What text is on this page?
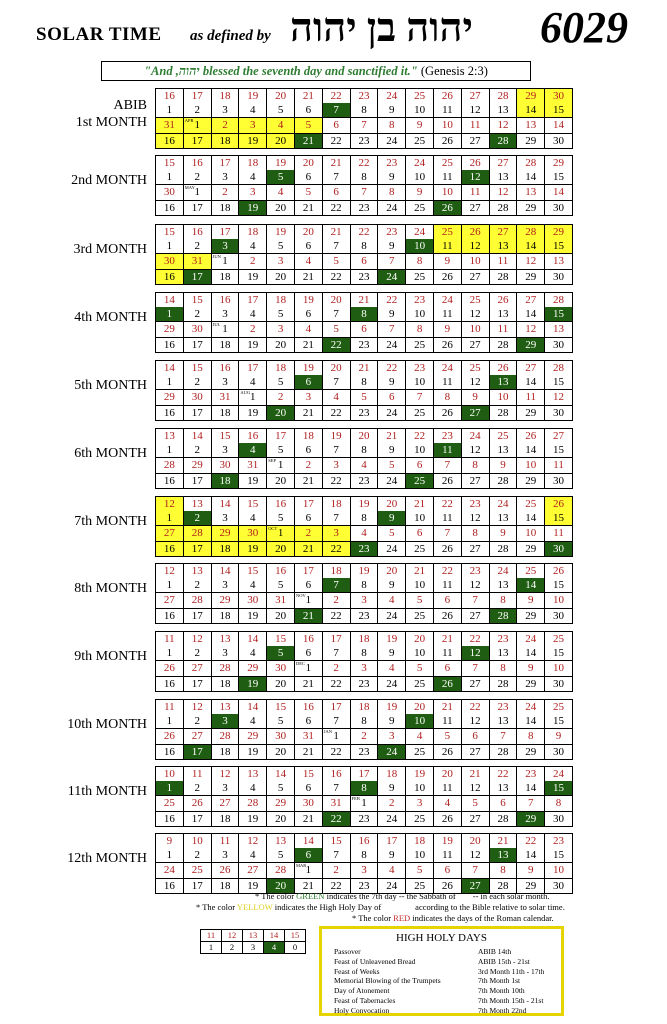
SOLAR TIME as defined by יהוה בן יהוה 6029
"And ,יהוה blessed the seventh day and sanctified it." (Genesis 2:3)
ABIB
1st MONTH
16	17	18	19	20	21	22	23	24	25	26	27	28	29	30
1	2	3	4	5	6	7	8	9	10	11	12	13	14	15
31	APR 1	2	3	4	5	6	7	8	9	10	11	12	13	14
16	17	18	19	20	21	22	23	24	25	26	27	28	29	30
2nd MONTH
15	16	17	18	19	20	21	22	23	24	25	26	27	28	29
1	2	3	4	5	6	7	8	9	10	11	12	13	14	15
30	MAY 1	2	3	4	5	6	7	8	9	10	11	12	13	14
16	17	18	19	20	21	22	23	24	25	26	27	28	29	30
3rd MONTH
15	16	17	18	19	20	21	22	23	24	25	26	27	28	29
1	2	3	4	5	6	7	8	9	10	11	12	13	14	15
30	31	JUN 1	2	3	4	5	6	7	8	9	10	11	12	13
16	17	18	19	20	21	22	23	24	25	26	27	28	29	30
4th MONTH
14	15	16	17	18	19	20	21	22	23	24	25	26	27	28
1	2	3	4	5	6	7	8	9	10	11	12	13	14	15
29	30	JUL 1	2	3	4	5	6	7	8	9	10	11	12	13
16	17	18	19	20	21	22	23	24	25	26	27	28	29	30
5th MONTH
14	15	16	17	18	19	20	21	22	23	24	25	26	27	28
1	2	3	4	5	6	7	8	9	10	11	12	13	14	15
29	30	31	AUG 1	2	3	4	5	6	7	8	9	10	11	12
16	17	18	19	20	21	22	23	24	25	26	27	28	29	30
6th MONTH
13	14	15	16	17	18	19	20	21	22	23	24	25	26	27
1	2	3	4	5	6	7	8	9	10	11	12	13	14	15
28	29	30	31	SEP 1	2	3	4	5	6	7	8	9	10	11
16	17	18	19	20	21	22	23	24	25	26	27	28	29	30
7th MONTH
12	13	14	15	16	17	18	19	20	21	22	23	24	25	26
1	2	3	4	5	6	7	8	9	10	11	12	13	14	15
27	28	29	30	OCT 1	2	3	4	5	6	7	8	9	10	11
16	17	18	19	20	21	22	23	24	25	26	27	28	29	30
8th MONTH
12	13	14	15	16	17	18	19	20	21	22	23	24	25	26
1	2	3	4	5	6	7	8	9	10	11	12	13	14	15
27	28	29	30	31	NOV 1	2	3	4	5	6	7	8	9	10
16	17	18	19	20	21	22	23	24	25	26	27	28	29	30
9th MONTH
11	12	13	14	15	16	17	18	19	20	21	22	23	24	25
1	2	3	4	5	6	7	8	9	10	11	12	13	14	15
26	27	28	29	30	DEC 1	2	3	4	5	6	7	8	9	10
16	17	18	19	20	21	22	23	24	25	26	27	28	29	30
10th MONTH
11	12	13	14	15	16	17	18	19	20	21	22	23	24	25
1	2	3	4	5	6	7	8	9	10	11	12	13	14	15
26	27	28	29	30	31	JAN 1	2	3	4	5	6	7	8	9
16	17	18	19	20	21	22	23	24	25	26	27	28	29	30
11th MONTH
10	11	12	13	14	15	16	17	18	19	20	21	22	23	24
1	2	3	4	5	6	7	8	9	10	11	12	13	14	15
25	26	27	28	29	30	31	FEB 1	2	3	4	5	6	7	8
16	17	18	19	20	21	22	23	24	25	26	27	28	29	30
12th MONTH
9	10	11	12	13	14	15	16	17	18	19	20	21	22	23
1	2	3	4	5	6	7	8	9	10	11	12	13	14	15
24	25	26	27	28	MAR 1	2	3	4	5	6	7	8	9	10
16	17	18	19	20	21	22	23	24	25	26	27	28	29	30
* The color GREEN indicates the 7th day -- the Sabbath of -- in each solar month.
* The color YELLOW indicates the High Holy Day of	according to the Bible relative to solar time.
* The color RED indicates the days of the Roman calendar.
11	12	13	14	15
1	2	3	4	0
HIGH HOLY DAYS
Passover	ABIB 14th
Feast of Unleavened Bread	ABIB 15th - 21st
Feast of Weeks	3rd Month 11th - 17th
Memorial Blowing of the Trumpets	7th Month 1st
Day of Atonement	7th Month 10th
Feast of Tabernacles	7th Month 15th - 21st
Holy Convocation	7th Month 22nd
